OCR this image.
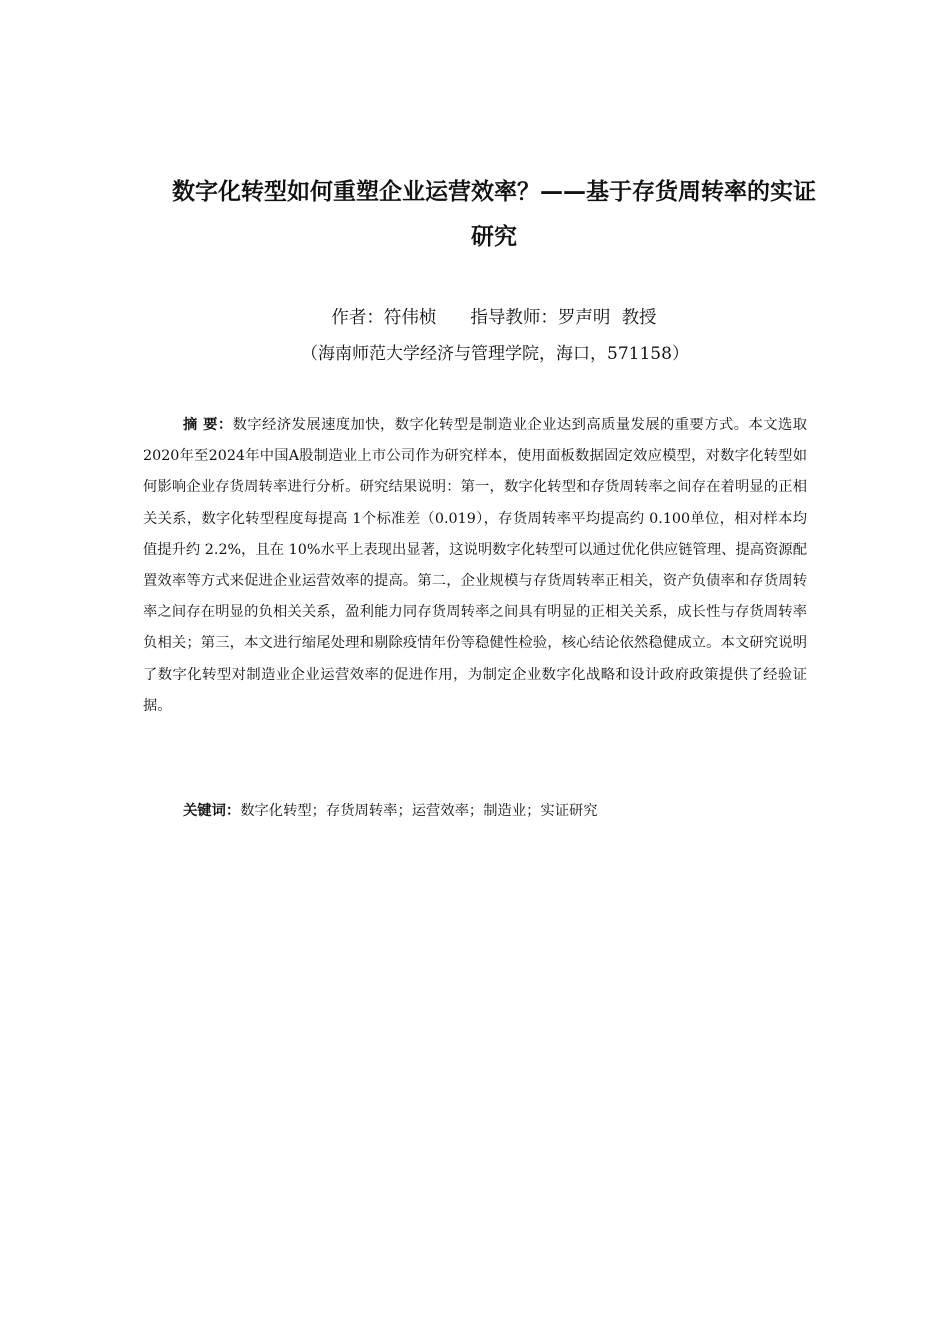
数字化转型如何重塑企业运营效率？——基于存货周转率的实证研究

作者：符伟桢 指导教师：罗声明 教授

（海南师范大学经济与管理学院，海口，571158）

摘 要：数字经济发展速度加快，数字化转型是制造业企业达到高质量发展的重要方式。本文选取2020年至2024年中国A股制造业上市公司作为研究样本，使用面板数据固定效应模型，对数字化转型如何影响企业存货周转率进行分析。研究结果说明：第一，数字化转型和存货周转率之间存在着明显的正相关关系，数字化转型程度每提高 1个标准差（0.019），存货周转率平均提高约 0.100单位，相对样本均值提升约 2.2%，且在 10%水平上表现出显著，这说明数字化转型可以通过优化供应链管理、提高资源配置效率等方式来促进企业运营效率的提高。第二，企业规模与存货周转率正相关，资产负债率和存货周转率之间存在明显的负相关关系，盈利能力同存货周转率之间具有明显的正相关关系，成长性与存货周转率负相关；第三，本文进行缩尾处理和剔除疫情年份等稳健性检验，核心结论依然稳健成立。本文研究说明了数字化转型对制造业企业运营效率的促进作用，为制定企业数字化战略和设计政府政策提供了经验证据。

关键词：数字化转型；存货周转率；运营效率；制造业；实证研究
